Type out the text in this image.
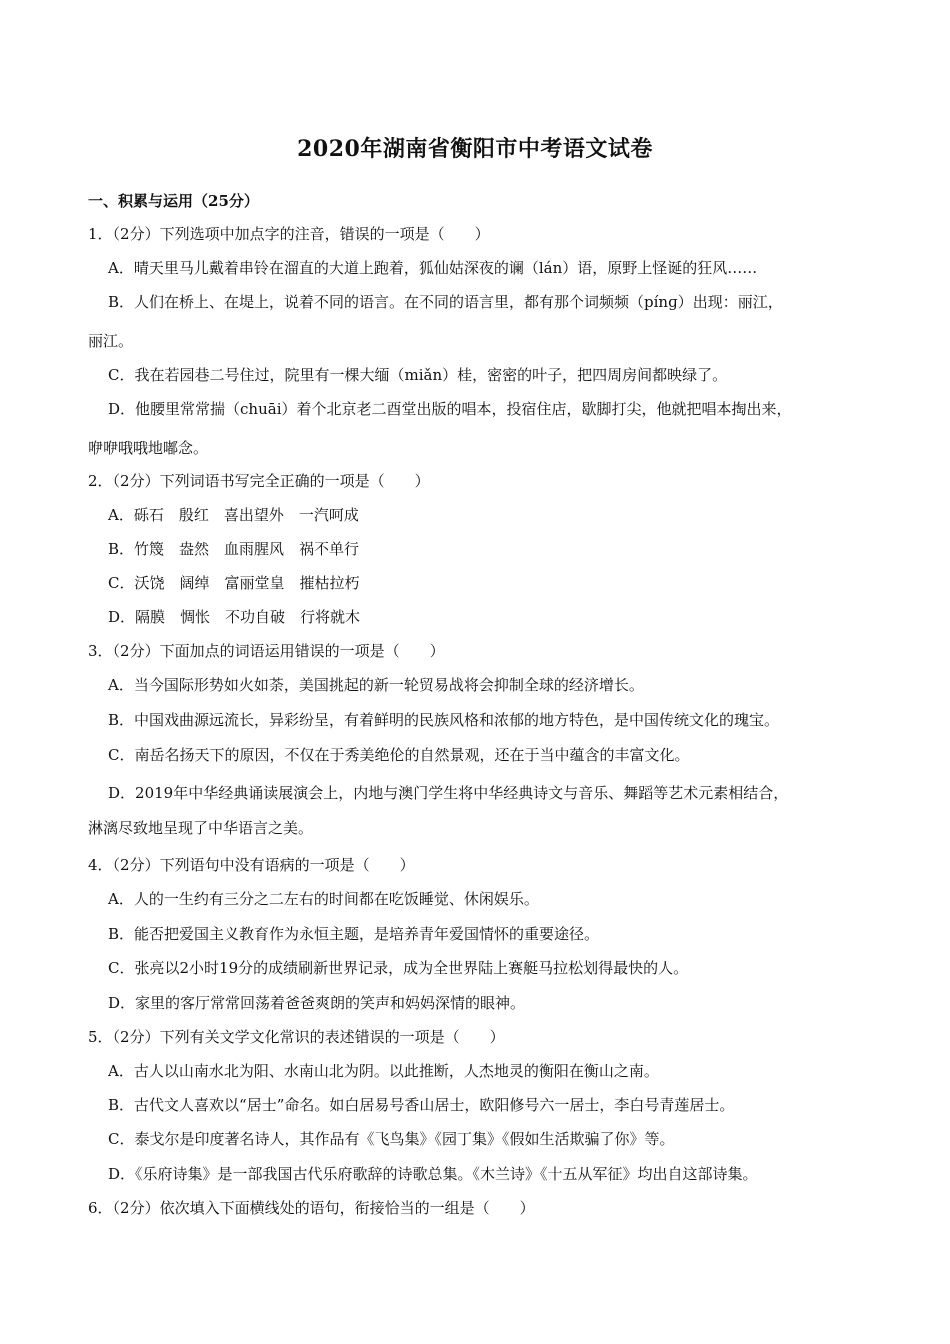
2020年湖南省衡阳市中考语文试卷
一、积累与运用（25分）
1．（2分）下列选项中加点字的注音，错误的一项是（　　）
A．晴天里马儿戴着串铃在溜直的大道上跑着，狐仙姑深夜的谰（lán）语，原野上怪诞的狂风……
B．人们在桥上、在堤上，说着不同的语言。在不同的语言里，都有那个词频频（pínɡ）出现：丽江，
丽江。
C．我在若园巷二号住过，院里有一棵大缅（miǎn）桂，密密的叶子，把四周房间都映绿了。
D．他腰里常常揣（chuāi）着个北京老二酉堂出版的唱本，投宿住店，歇脚打尖，他就把唱本掏出来，
咿咿哦哦地嘟念。
2．（2分）下列词语书写完全正确的一项是（　　）
A．砾石　殷红　喜出望外　一汽呵成
B．竹篾　盎然　血雨腥风　祸不单行
C．沃饶　阔绰　富丽堂皇　摧枯拉朽
D．隔膜　惆怅　不功自破　行将就木
3．（2分）下面加点的词语运用错误的一项是（　　）
A．当今国际形势如火如荼，美国挑起的新一轮贸易战将会抑制全球的经济增长。
B．中国戏曲源远流长，异彩纷呈，有着鲜明的民族风格和浓郁的地方特色，是中国传统文化的瑰宝。
C．南岳名扬天下的原因，不仅在于秀美绝伦的自然景观，还在于当中蕴含的丰富文化。
D．2019年中华经典诵读展演会上，内地与澳门学生将中华经典诗文与音乐、舞蹈等艺术元素相结合，
淋漓尽致地呈现了中华语言之美。
4．（2分）下列语句中没有语病的一项是（　　）
A．人的一生约有三分之二左右的时间都在吃饭睡觉、休闲娱乐。
B．能否把爱国主义教育作为永恒主题，是培养青年爱国情怀的重要途径。
C．张亮以2小时19分的成绩刷新世界记录，成为全世界陆上赛艇马拉松划得最快的人。
D．家里的客厅常常回荡着爸爸爽朗的笑声和妈妈深情的眼神。
5．（2分）下列有关文学文化常识的表述错误的一项是（　　）
A．古人以山南水北为阳、水南山北为阴。以此推断，人杰地灵的衡阳在衡山之南。
B．古代文人喜欢以“居士”命名。如白居易号香山居士，欧阳修号六一居士，李白号青莲居士。
C．泰戈尔是印度著名诗人，其作品有《飞鸟集》《园丁集》《假如生活欺骗了你》等。
D．《乐府诗集》是一部我国古代乐府歌辞的诗歌总集。《木兰诗》《十五从军征》均出自这部诗集。
6．（2分）依次填入下面横线处的语句，衔接恰当的一组是（　　）
